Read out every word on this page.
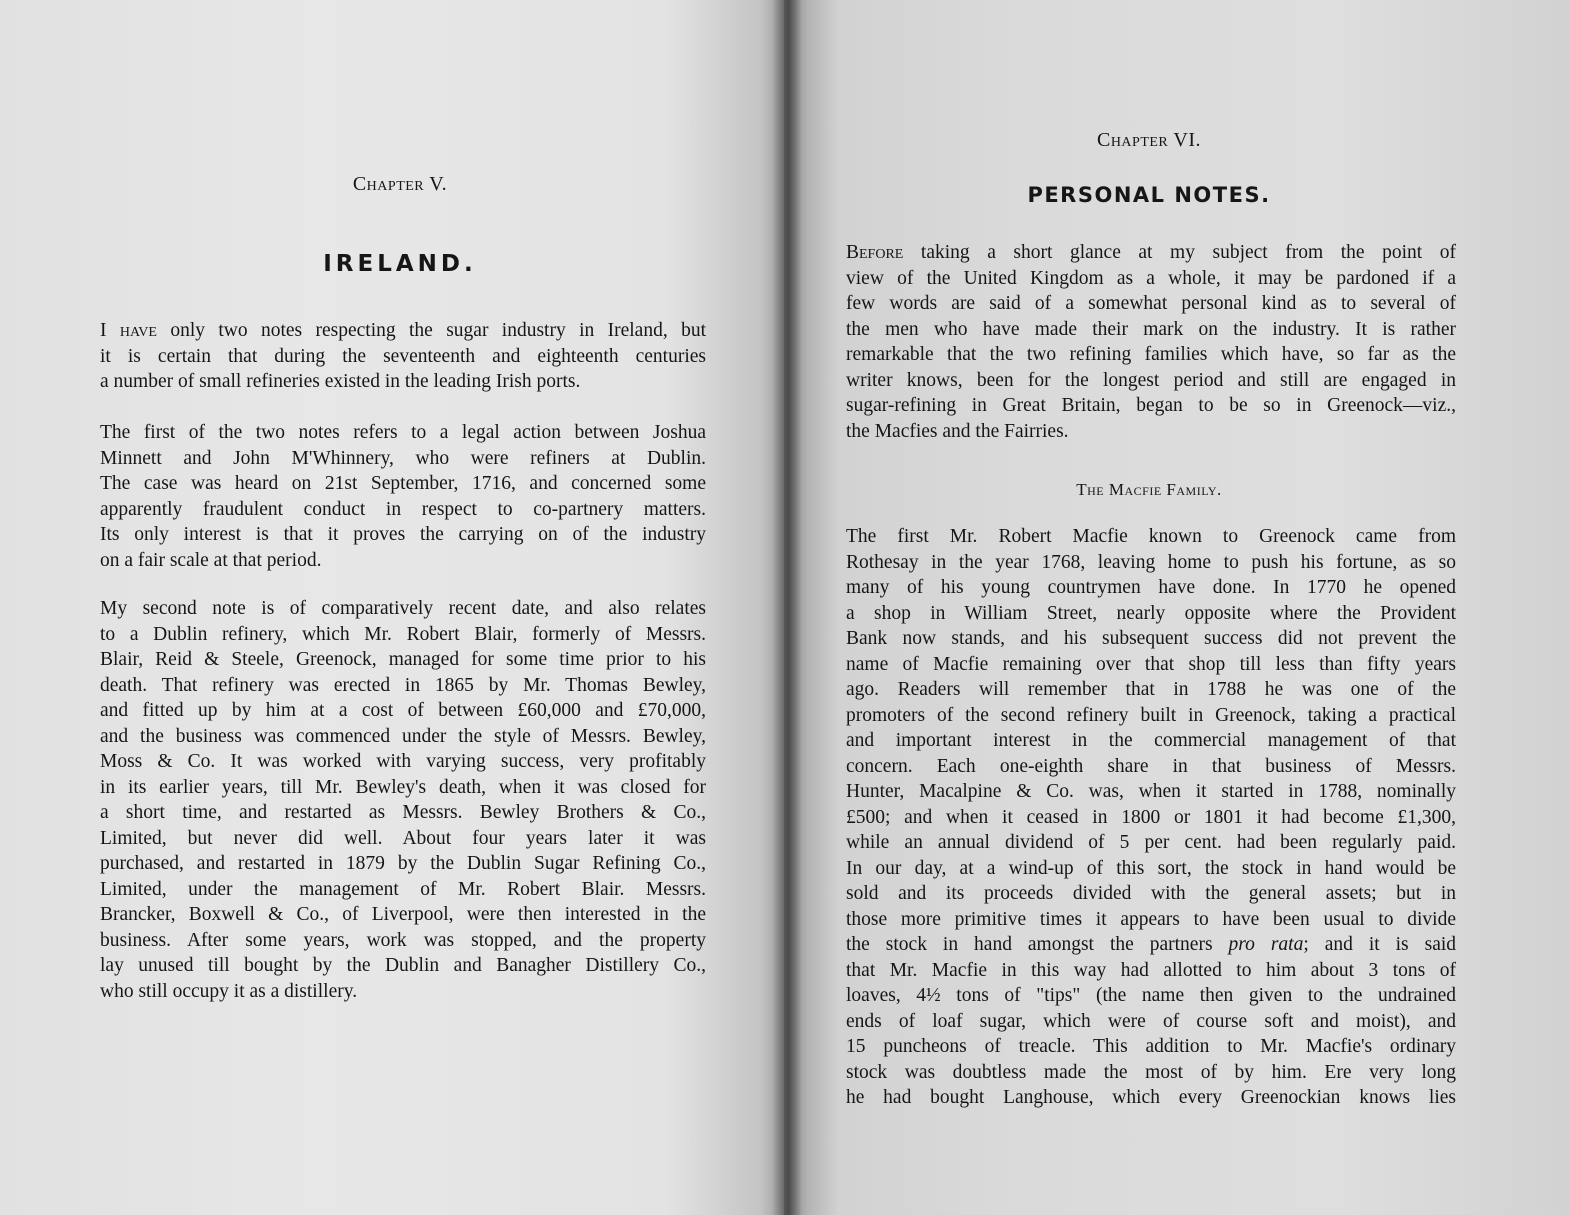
Chapter V.
IRELAND.
I have only two notes respecting the sugar industry in Ireland, but
it is certain that during the seventeenth and eighteenth centuries
a number of small refineries existed in the leading Irish ports.
The first of the two notes refers to a legal action between Joshua
Minnett and John M'Whinnery, who were refiners at Dublin.
The case was heard on 21st September, 1716, and concerned some
apparently fraudulent conduct in respect to co-partnery matters.
Its only interest is that it proves the carrying on of the industry
on a fair scale at that period.
My second note is of comparatively recent date, and also relates
to a Dublin refinery, which Mr. Robert Blair, formerly of Messrs.
Blair, Reid & Steele, Greenock, managed for some time prior to his
death. That refinery was erected in 1865 by Mr. Thomas Bewley,
and fitted up by him at a cost of between £60,000 and £70,000,
and the business was commenced under the style of Messrs. Bewley,
Moss & Co. It was worked with varying success, very profitably
in its earlier years, till Mr. Bewley's death, when it was closed for
a short time, and restarted as Messrs. Bewley Brothers & Co.,
Limited, but never did well. About four years later it was
purchased, and restarted in 1879 by the Dublin Sugar Refining Co.,
Limited, under the management of Mr. Robert Blair. Messrs.
Brancker, Boxwell & Co., of Liverpool, were then interested in the
business. After some years, work was stopped, and the property
lay unused till bought by the Dublin and Banagher Distillery Co.,
who still occupy it as a distillery.
Chapter VI.
PERSONAL NOTES.
Before taking a short glance at my subject from the point of
view of the United Kingdom as a whole, it may be pardoned if a
few words are said of a somewhat personal kind as to several of
the men who have made their mark on the industry. It is rather
remarkable that the two refining families which have, so far as the
writer knows, been for the longest period and still are engaged in
sugar-refining in Great Britain, began to be so in Greenock—viz.,
the Macfies and the Fairries.
The Macfie Family.
The first Mr. Robert Macfie known to Greenock came from
Rothesay in the year 1768, leaving home to push his fortune, as so
many of his young countrymen have done. In 1770 he opened
a shop in William Street, nearly opposite where the Provident
Bank now stands, and his subsequent success did not prevent the
name of Macfie remaining over that shop till less than fifty years
ago. Readers will remember that in 1788 he was one of the
promoters of the second refinery built in Greenock, taking a practical
and important interest in the commercial management of that
concern. Each one-eighth share in that business of Messrs.
Hunter, Macalpine & Co. was, when it started in 1788, nominally
£500; and when it ceased in 1800 or 1801 it had become £1,300,
while an annual dividend of 5 per cent. had been regularly paid.
In our day, at a wind-up of this sort, the stock in hand would be
sold and its proceeds divided with the general assets; but in
those more primitive times it appears to have been usual to divide
the stock in hand amongst the partners pro rata; and it is said
that Mr. Macfie in this way had allotted to him about 3 tons of
loaves, 4½ tons of "tips" (the name then given to the undrained
ends of loaf sugar, which were of course soft and moist), and
15 puncheons of treacle. This addition to Mr. Macfie's ordinary
stock was doubtless made the most of by him. Ere very long
he had bought Langhouse, which every Greenockian knows lies
